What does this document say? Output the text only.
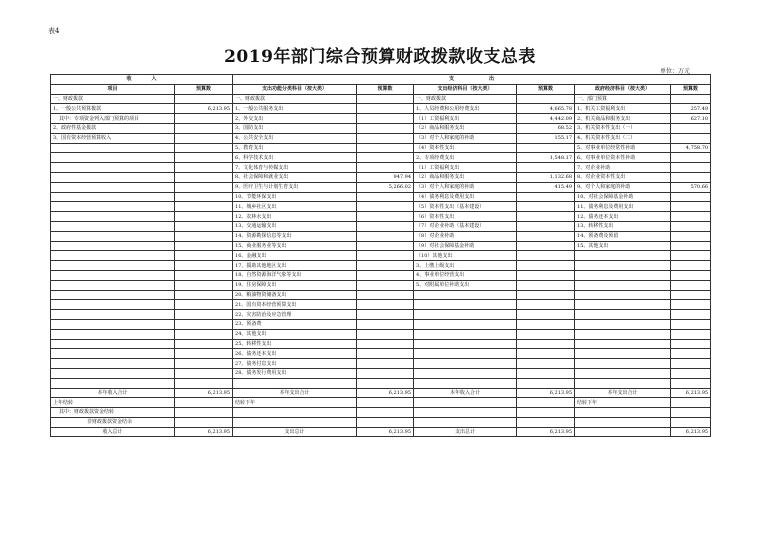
表4
2019年部门综合预算财政拨款收支总表
单位：万元
收　　　　入		支　　　　　　　出					
项目	预算数	支出功能分类科目（按大类）	预算数	支出经济科目（按大类）	预算数	政府经济科目（按大类）	预算数
一、财政拨款		一、财政拨款		一、财政拨款		一、部门预算	
1、一般公共预算拨款	6,213.95	1、一般公共服务支出		1、人员经费和公用经费支出	4,665.78	1、机关工资福利支出	257.49
其中：专项资金列入部门预算的项目		2、外交支出		（1）工资福利支出	4,442.09	2、机关商品和服务支出	627.10
2、政府性基金拨款		3、国防支出		（2）商品和服务支出	68.52	3、机关资本性支出（一）	
3、国有资本经营预算收入		4、公共安全支出		（3）对个人和家庭的补助	155.17	4、机关资本性支出（二）	
		5、教育支出		（4）资本性支出		5、对事业单位经常性补助	4,758.70
		6、科学技术支出		2、专项经费支出	1,548.17	6、对事业单位资本性补助	
		7、文化体育与传媒支出		（1）工资福利支出		7、对企业补助	
		8、社会保障和就业支出	947.94	（2）商品和服务支出	1,132.68	8、对企业资本性支出	
		9、医疗卫生与计划生育支出	5,266.02	（3）对个人和家庭的补助	415.49	9、对个人和家庭的补助	570.66
		10、节能环保支出		（4）债务利息及费用支出		10、对社会保障基金补助	
		11、城乡社区支出		（5）资本性支出（基本建设）		11、债务利息及费用支出	
		12、农林水支出		（6）资本性支出		12、债务还本支出	
		13、交通运输支出		（7）对企业补助（基本建设）		13、转移性支出	
		14、资源勘探信息等支出		（8）对企业补助		14、预备费及预留	
		15、商业服务业等支出		（9）对社会保障基金补助		15、其他支出	
		16、金融支出		（10）其他支出			
		17、援助其他地区支出		3、上缴上级支出			
		18、自然资源海洋气象等支出		4、事业单位经营支出			
		19、住房保障支出		5、对附属单位补助支出			
		20、粮油物资储备支出					
		21、国有资本经营预算支出					
		22、灾害防治及应急管理					
		23、预备费					
		24、其他支出					
		25、转移性支出					
		26、债务还本支出					
		27、债务付息支出					
		28、债务发行费用支出					

本年收入合计	6,213.95	本年支出合计	6,213.95	本年收入合计	6,213.95	本年支出合计	6,213.95
上年结转		结转下年				结转下年	
其中：财政拨款资金结转							
非财政拨款资金结余							
收入总计	6,213.95	支出总计	6,213.95	支出总计	6,213.95		6,213.95
